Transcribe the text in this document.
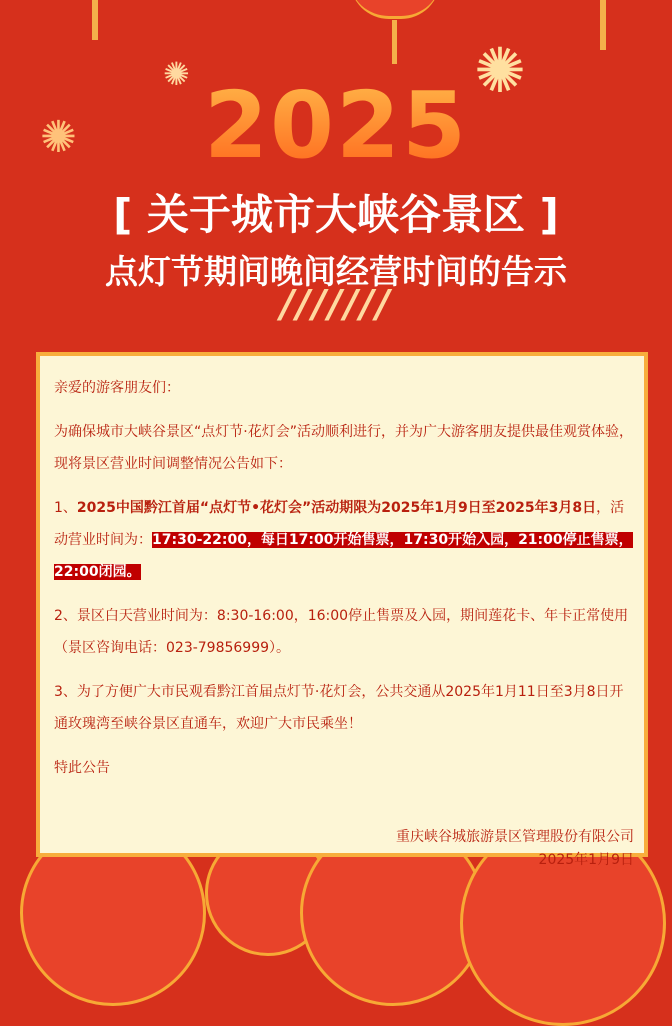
2025
[ 关于城市大峡谷景区 ]
点灯节期间晚间经营时间的告示
///////
✺
✺	✺

亲爱的游客朋友们：

为确保城市大峡谷景区“点灯节·花灯会”活动顺利进行，并为广大游客朋友提供最佳观赏体验，现将景区营业时间调整情况公告如下：

1、2025中国黔江首届“点灯节•花灯会”活动期限为2025年1月9日至2025年3月8日，活动营业时间为：17:30-22:00，每日17:00开始售票，17:30开始入园，21:00停止售票，22:00闭园。

2、景区白天营业时间为：8:30-16:00，16:00停止售票及入园，期间莲花卡、年卡正常使用（景区咨询电话：023-79856999）。

3、为了方便广大市民观看黔江首届点灯节·花灯会，公共交通从2025年1月11日至3月8日开通玫瑰湾至峡谷景区直通车，欢迎广大市民乘坐！

特此公告

重庆峡谷城旅游景区管理股份有限公司
2025年1月9日
